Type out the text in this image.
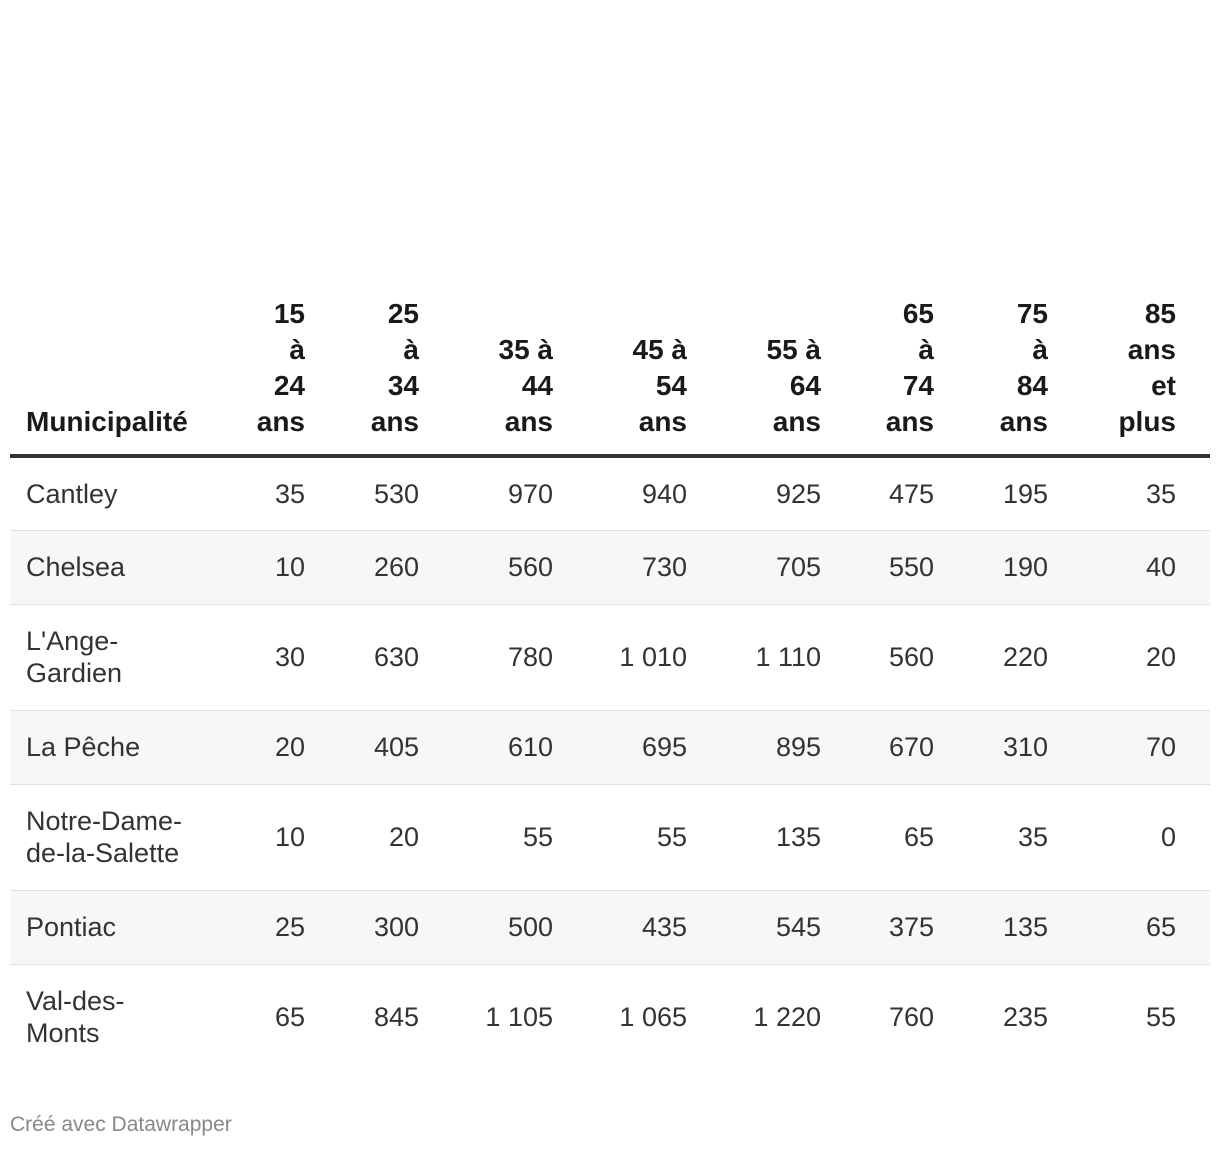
Municipalité	15
à
24
ans	25
à
34
ans	35 à
44
ans	45 à
54
ans	55 à
64
ans	65
à
74
ans	75
à
84
ans	85
ans
et
plus
Cantley	35	530	970	940	925	475	195	35
Chelsea	10	260	560	730	705	550	190	40
L'Ange-
Gardien	30	630	780	1 010	1 110	560	220	20
La Pêche	20	405	610	695	895	670	310	70
Notre-Dame-
de-la-Salette	10	20	55	55	135	65	35	0
Pontiac	25	300	500	435	545	375	135	65
Val-des-
Monts	65	845	1 105	1 065	1 220	760	235	55
Créé avec Datawrapper
